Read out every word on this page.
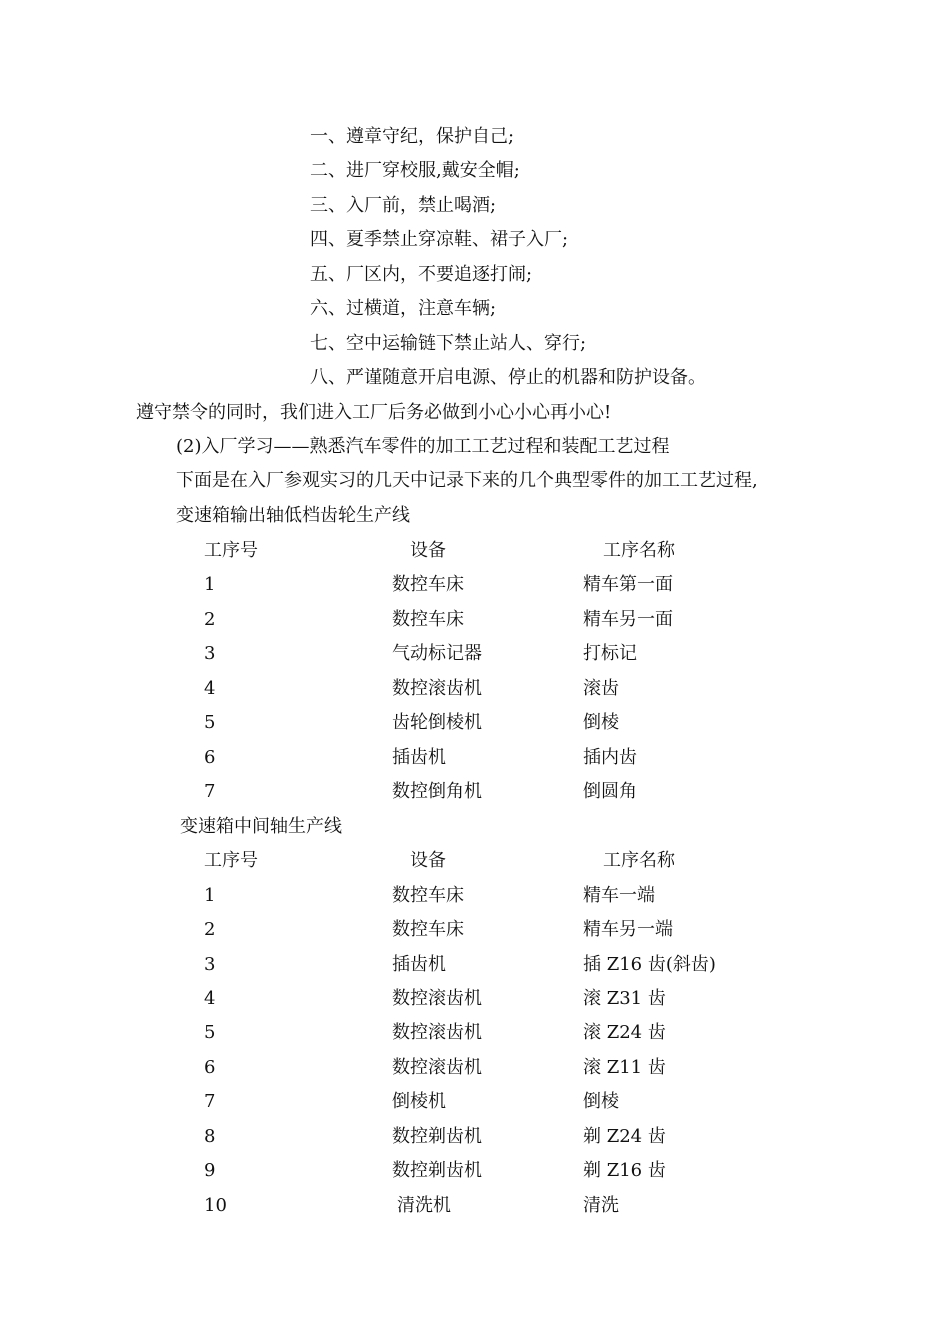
一、遵章守纪，保护自己;
二、进厂穿校服,戴安全帽;
三、入厂前，禁止喝酒;
四、夏季禁止穿凉鞋、裙子入厂;
五、厂区内，不要追逐打闹;
六、过横道，注意车辆;
七、空中运输链下禁止站人、穿行;
八、严谨随意开启电源、停止的机器和防护设备。
遵守禁令的同时，我们进入工厂后务必做到小心小心再小心!
(2)入厂学习——熟悉汽车零件的加工工艺过程和装配工艺过程
下面是在入厂参观实习的几天中记录下来的几个典型零件的加工工艺过程,
变速箱输出轴低档齿轮生产线
工序号	设备	工序名称
1	数控车床	精车第一面
2	数控车床	精车另一面
3	气动标记器	打标记
4	数控滚齿机	滚齿
5	齿轮倒棱机	倒棱
6	插齿机	插内齿
7	数控倒角机	倒圆角
变速箱中间轴生产线
工序号	设备	工序名称
1	数控车床	精车一端
2	数控车床	精车另一端
3	插齿机	插 Z16 齿(斜齿)
4	数控滚齿机	滚 Z31 齿
5	数控滚齿机	滚 Z24 齿
6	数控滚齿机	滚 Z11 齿
7	倒棱机	倒棱
8	数控剃齿机	剃 Z24 齿
9	数控剃齿机	剃 Z16 齿
10	清洗机	清洗
